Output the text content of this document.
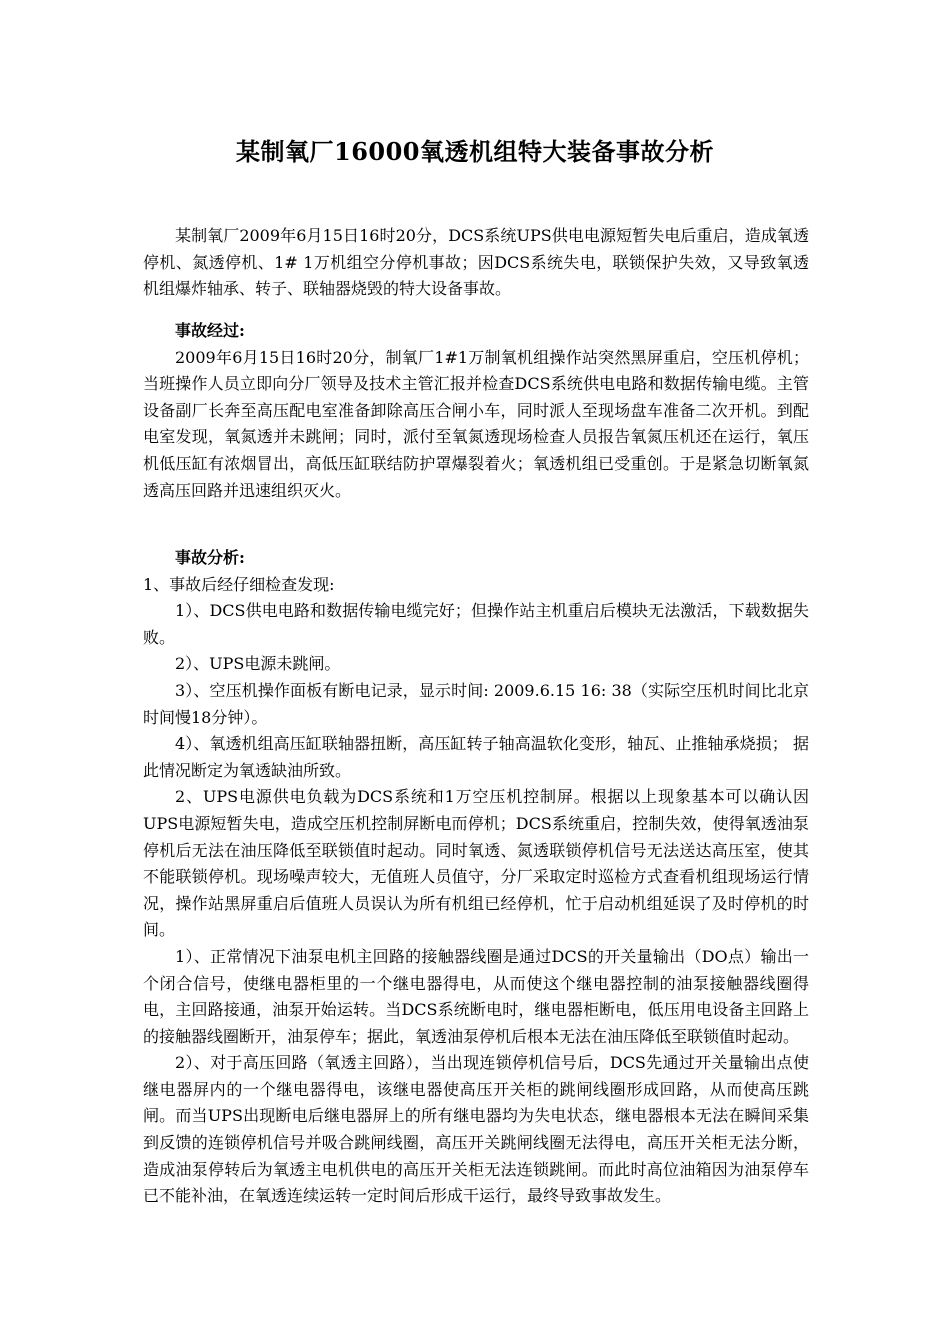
某制氧厂16000氧透机组特大装备事故分析

某制氧厂2009年6月15日16时20分，DCS系统UPS供电电源短暂失电后重启，造成氧透停机、氮透停机、1# 1万机组空分停机事故；因DCS系统失电，联锁保护失效，又导致氧透机组爆炸轴承、转子、联轴器烧毁的特大设备事故。

事故经过:

2009年6月15日16时20分，制氧厂1#1万制氧机组操作站突然黑屏重启，空压机停机；当班操作人员立即向分厂领导及技术主管汇报并检查DCS系统供电电路和数据传输电缆。主管设备副厂长奔至高压配电室准备卸除高压合闸小车，同时派人至现场盘车准备二次开机。到配电室发现，氧氮透并未跳闸；同时，派付至氧氮透现场检查人员报告氧氮压机还在运行，氧压机低压缸有浓烟冒出，高低压缸联结防护罩爆裂着火；氧透机组已受重创。于是紧急切断氧氮透高压回路并迅速组织灭火。

事故分析:

1、事故后经仔细检查发现:

1）、DCS供电电路和数据传输电缆完好；但操作站主机重启后模块无法激活，下载数据失败。

2）、UPS电源未跳闸。

3）、空压机操作面板有断电记录，显示时间: 2009.6.15 16: 38（实际空压机时间比北京时间慢18分钟）。

4）、氧透机组高压缸联轴器扭断，高压缸转子轴高温软化变形，轴瓦、止推轴承烧损； 据此情况断定为氧透缺油所致。

2、UPS电源供电负载为DCS系统和1万空压机控制屏。根据以上现象基本可以确认因UPS电源短暂失电，造成空压机控制屏断电而停机；DCS系统重启，控制失效，使得氧透油泵停机后无法在油压降低至联锁值时起动。同时氧透、氮透联锁停机信号无法送达高压室，使其不能联锁停机。现场噪声较大，无值班人员值守，分厂采取定时巡检方式查看机组现场运行情况，操作站黑屏重启后值班人员误认为所有机组已经停机，忙于启动机组延误了及时停机的时间。

1）、正常情况下油泵电机主回路的接触器线圈是通过DCS的开关量输出（DO点）输出一个闭合信号，使继电器柜里的一个继电器得电，从而使这个继电器控制的油泵接触器线圈得电，主回路接通，油泵开始运转。当DCS系统断电时，继电器柜断电，低压用电设备主回路上的接触器线圈断开，油泵停车；据此，氧透油泵停机后根本无法在油压降低至联锁值时起动。

2）、对于高压回路（氧透主回路），当出现连锁停机信号后，DCS先通过开关量输出点使继电器屏内的一个继电器得电，该继电器使高压开关柜的跳闸线圈形成回路，从而使高压跳闸。而当UPS出现断电后继电器屏上的所有继电器均为失电状态，继电器根本无法在瞬间采集到反馈的连锁停机信号并吸合跳闸线圈，高压开关跳闸线圈无法得电，高压开关柜无法分断，造成油泵停转后为氧透主电机供电的高压开关柜无法连锁跳闸。而此时高位油箱因为油泵停车已不能补油，在氧透连续运转一定时间后形成干运行，最终导致事故发生。
